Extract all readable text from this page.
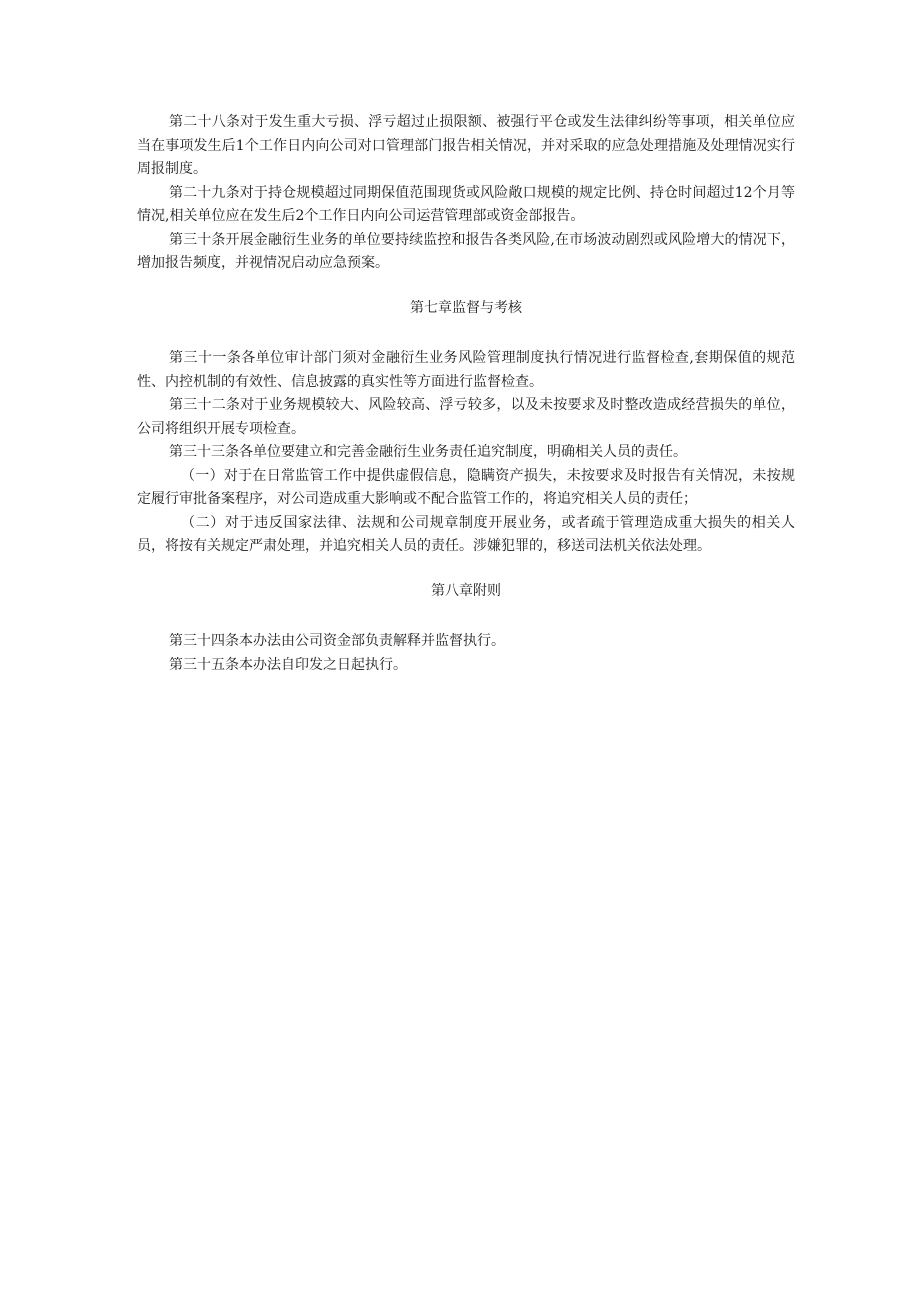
第二十八条对于发生重大亏损、浮亏超过止损限额、被强行平仓或发生法律纠纷等事项，相关单位应当在事项发生后1个工作日内向公司对口管理部门报告相关情况，并对采取的应急处理措施及处理情况实行周报制度。

第二十九条对于持仓规模超过同期保值范围现货或风险敞口规模的规定比例、持仓时间超过12个月等情况,相关单位应在发生后2个工作日内向公司运营管理部或资金部报告。

第三十条开展金融衍生业务的单位要持续监控和报告各类风险,在市场波动剧烈或风险增大的情况下，增加报告频度，并视情况启动应急预案。

第七章监督与考核

第三十一条各单位审计部门须对金融衍生业务风险管理制度执行情况进行监督检查,套期保值的规范性、内控机制的有效性、信息披露的真实性等方面进行监督检查。

第三十二条对于业务规模较大、风险较高、浮亏较多，以及未按要求及时整改造成经营损失的单位，公司将组织开展专项检查。

第三十三条各单位要建立和完善金融衍生业务责任追究制度，明确相关人员的责任。

（一）对于在日常监管工作中提供虚假信息，隐瞒资产损失，未按要求及时报告有关情况，未按规定履行审批备案程序，对公司造成重大影响或不配合监管工作的，将追究相关人员的责任；

（二）对于违反国家法律、法规和公司规章制度开展业务，或者疏于管理造成重大损失的相关人员，将按有关规定严肃处理，并追究相关人员的责任。涉嫌犯罪的，移送司法机关依法处理。

第八章附则

第三十四条本办法由公司资金部负责解释并监督执行。

第三十五条本办法自印发之日起执行。
